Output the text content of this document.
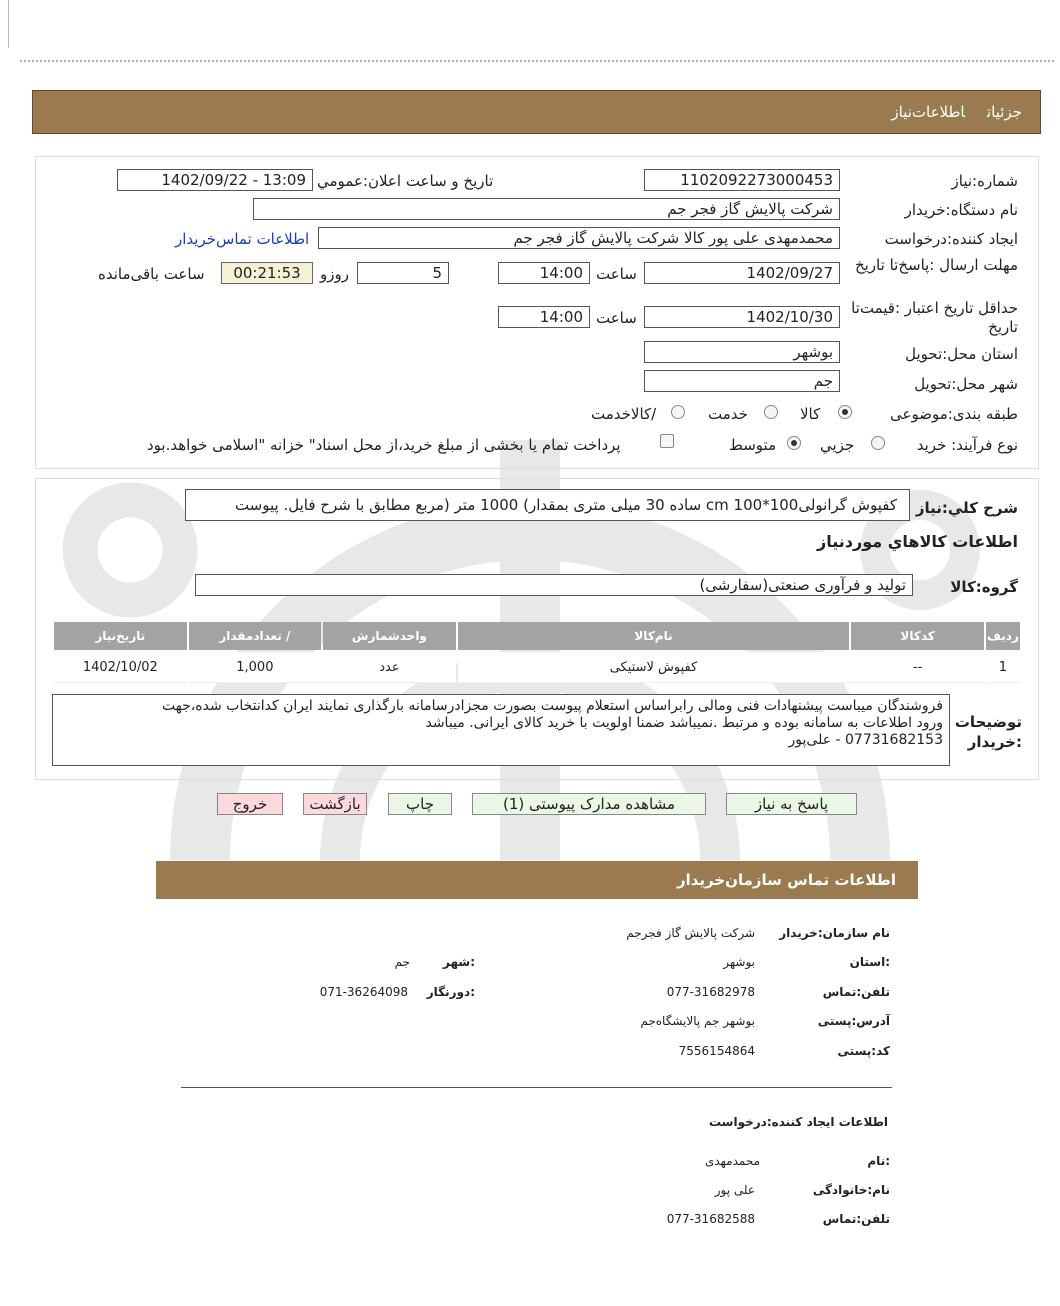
جزئیاتاطلاعات‌نیاز
شماره:نیاز
1102092273000453
تاریخ و ساعت اعلان:عمومي
1402/09/22 - 13:09
نام دستگاه:خریدار
شرکت پالایش گاز فجر جم
ایجاد کننده:درخواست
محمدمهدی علی پور کالا شرکت پالایش گاز فجر جم
اطلاعات تماس‌خریدار
مهلت ارسال :پاسخ‌تا تاریخ
1402/09/27
ساعت
14:00
5
روزو
00:21:53
ساعت باقی‌مانده
حداقل تاریخ اعتبار :قیمت‌تا تاریخ
1402/10/30
ساعت
14:00
استان محل:تحویل
بوشهر
شهر محل:تحویل
جم
طبقه بندی:موضوعی
کالا
خدمت
/کالاخدمت
نوع فرآیند: خرید
جزیي
متوسط
پرداخت تمام یا بخشی از مبلغ خرید،از محل اسناد" خزانه "اسلامی خواهد.بود
شرح کلي:نیاز
کفپوش گرانولی100*100 cm ساده 30 میلی متری بمقدار) 1000 متر (مربع مطابق با شرح فایل. پیوست
اطلاعات کالاهاي موردنیاز
گروه:کالا
تولید و فرآوری صنعتی(سفارشی)
ردیف	کدکالا	نام‌کالا	واحدشمارش	/ تعدادمقدار	تاریخ‌نیاز
1	--	کفپوش لاستیکی	عدد	1,000	1402/10/02
توضیحات :خریدار
فروشندگان میباست پیشنهادات فنی ومالی رابراساس استعلام پیوست بصورت مجزادرسامانه بارگذاری نمایند ایران کدانتخاب شده،جهت
ورود اطلاعات به سامانه بوده و مرتبط .نمیباشد ضمنا اولویت با خرید کالای ایرانی. میباشد
07731682153 - علی‌پور
پاسخ به نیاز
مشاهده مدارک پیوستی (1)
چاپ
بازگشت
خروج
اطلاعات تماس سازمان‌خریدار
نام سازمان:خریدار
شرکت پالایش گاز فجرجم
:استان
بوشهر
:شهر
جم
تلفن:تماس
077-31682978
:دورنگار
071-36264098
آدرس:پستی
بوشهر جم پالایشگاه‌جم
کد:پستی
7556154864
اطلاعات ایجاد کننده:درخواست
:نام
محمدمهدی
نام:خانوادگی
علی پور
تلفن:تماس
077-31682588
